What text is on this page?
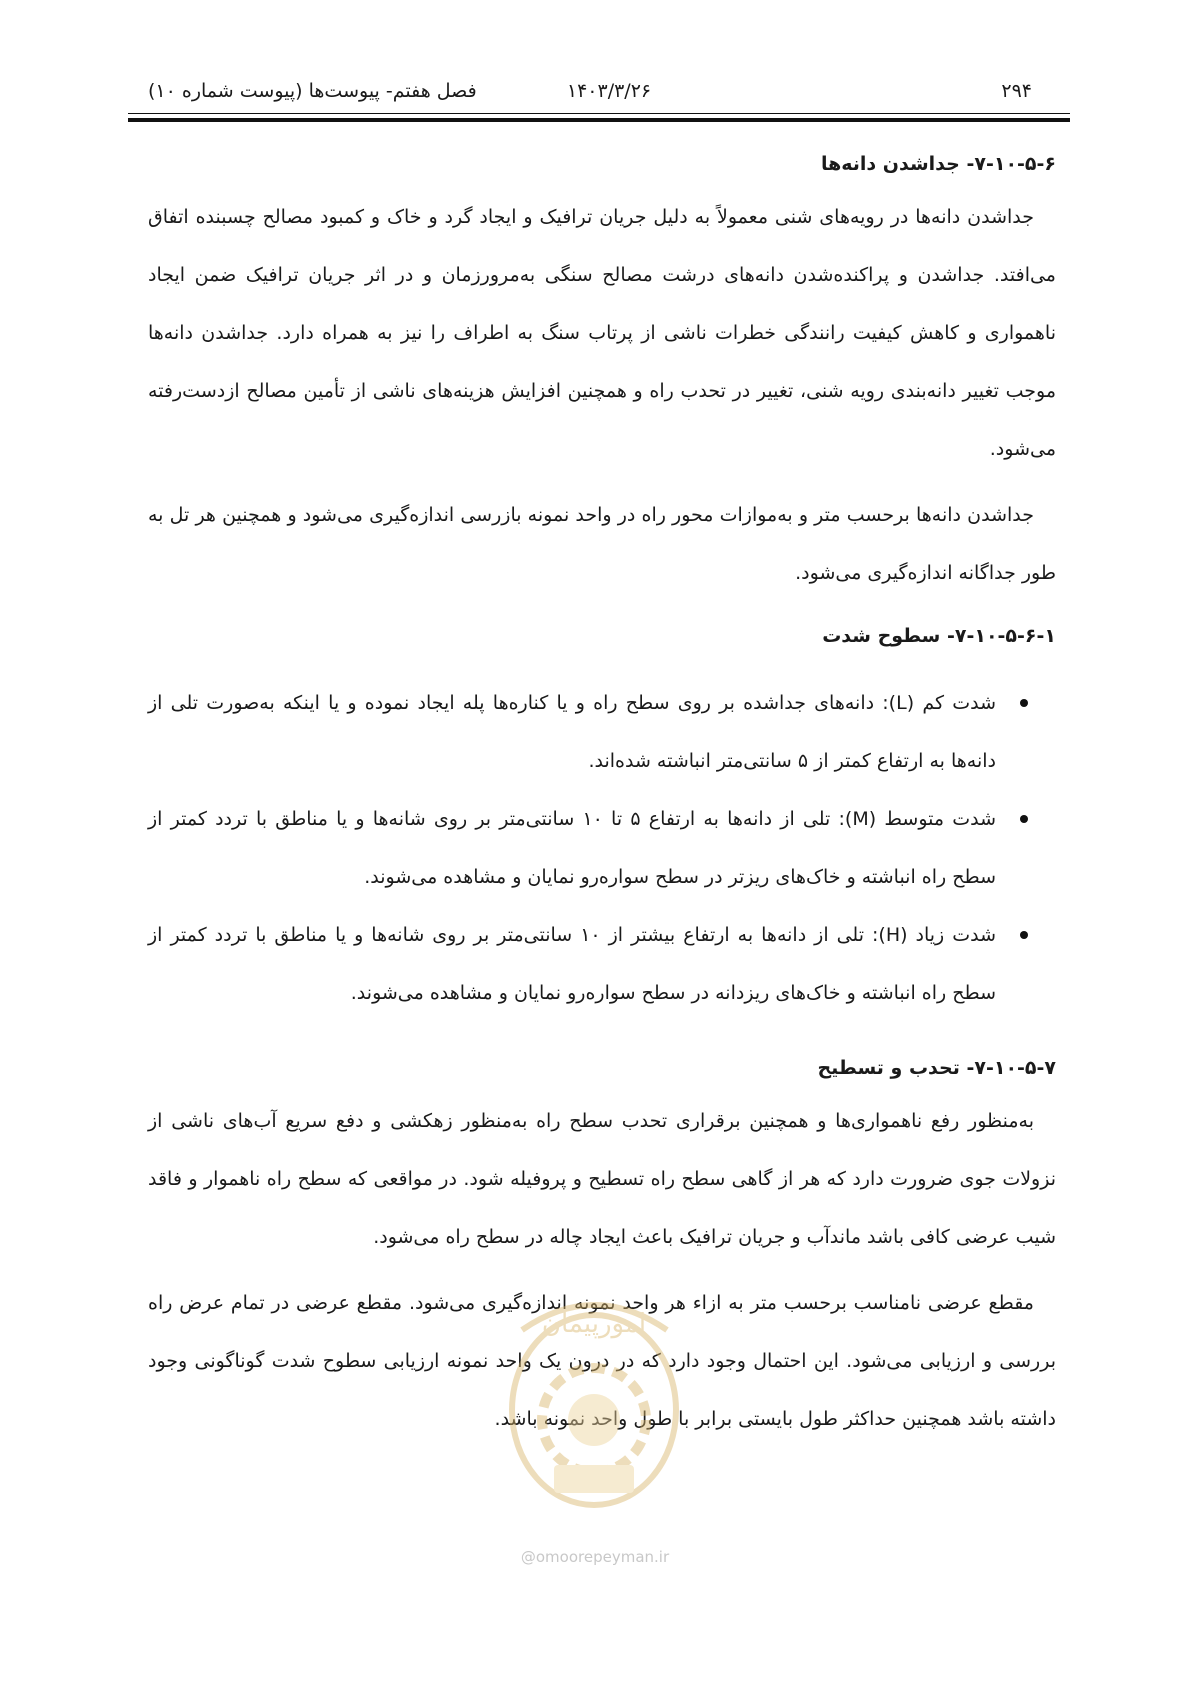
۲۹۴
۱۴۰۳/۳/۲۶
فصل هفتم- پیوست‌ها (پیوست شماره ۱۰)
۷-۱۰-۵-۶- جداشدن دانه‌ها

جداشدن دانه‌ها در رویه‌های شنی معمولاً به دلیل جریان ترافیک و ایجاد گرد و خاک و کمبود مصالح چسبنده اتفاق می‌افتد. جداشدن و پراکنده‌شدن دانه‌های درشت مصالح سنگی به‌مرورزمان و در اثر جریان ترافیک ضمن ایجاد ناهمواری و کاهش کیفیت رانندگی خطرات ناشی از پرتاب سنگ به اطراف را نیز به همراه دارد. جداشدن دانه‌ها موجب تغییر دانه‌بندی رویه شنی، تغییر در تحدب راه و همچنین افزایش هزینه‌های ناشی از تأمین مصالح ازدست‌رفته می‌شود.

جداشدن دانه‌ها برحسب متر و به‌موازات محور راه در واحد نمونه بازرسی اندازه‌گیری می‌شود و همچنین هر تل به طور جداگانه اندازه‌گیری می‌شود.

۷-۱۰-۵-۶-۱- سطوح شدت
شدت کم (L): دانه‌های جداشده بر روی سطح راه و یا کناره‌ها پله ایجاد نموده و یا اینکه به‌صورت تلی از دانه‌ها به ارتفاع کمتر از ۵ سانتی‌متر انباشته شده‌اند.
شدت متوسط (M): تلی از دانه‌ها به ارتفاع ۵ تا ۱۰ سانتی‌متر بر روی شانه‌ها و یا مناطق با تردد کمتر از سطح راه انباشته و خاک‌های ریزتر در سطح سواره‌رو نمایان و مشاهده می‌شوند.
شدت زیاد (H): تلی از دانه‌ها به ارتفاع بیشتر از ۱۰ سانتی‌متر بر روی شانه‌ها و یا مناطق با تردد کمتر از سطح راه انباشته و خاک‌های ریزدانه در سطح سواره‌رو نمایان و مشاهده می‌شوند.
۷-۱۰-۵-۷- تحدب و تسطیح

به‌منظور رفع ناهمواری‌ها و همچنین برقراری تحدب سطح راه به‌منظور زهکشی و دفع سریع آب‌های ناشی از نزولات جوی ضرورت دارد که هر از گاهی سطح راه تسطیح و پروفیله شود. در مواقعی که سطح راه ناهموار و فاقد شیب عرضی کافی باشد ماندآب و جریان ترافیک باعث ایجاد چاله در سطح راه می‌شود.

مقطع عرضی نامناسب برحسب متر به ازاء هر واحد نمونه اندازه‌گیری می‌شود. مقطع عرضی در تمام عرض راه بررسی و ارزیابی می‌شود. این احتمال وجود دارد که در درون یک واحد نمونه ارزیابی سطوح شدت گوناگونی وجود داشته باشد همچنین حداکثر طول بایستی برابر با طول واحد نمونه باشد.

امورپیمان
@omoorepeyman.ir
